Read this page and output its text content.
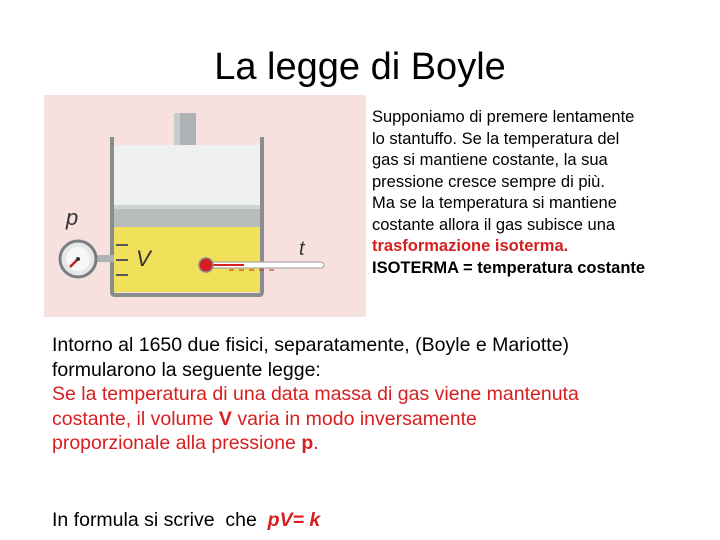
La legge di Boyle
p
V	t
Supponiamo di premere lentamente
lo stantuffo. Se la temperatura del
gas si mantiene costante, la sua
pressione cresce sempre di più.
Ma se la temperatura si mantiene
costante allora il gas subisce una
trasformazione isoterma.
ISOTERMA = temperatura costante
Intorno al 1650 due fisici, separatamente, (Boyle e Mariotte)
formularono la seguente legge:
Se la temperatura di una data massa di gas viene mantenuta
costante, il volume V varia in modo inversamente
proporzionale alla pressione p.
In formula si scrive  che  pV= k
